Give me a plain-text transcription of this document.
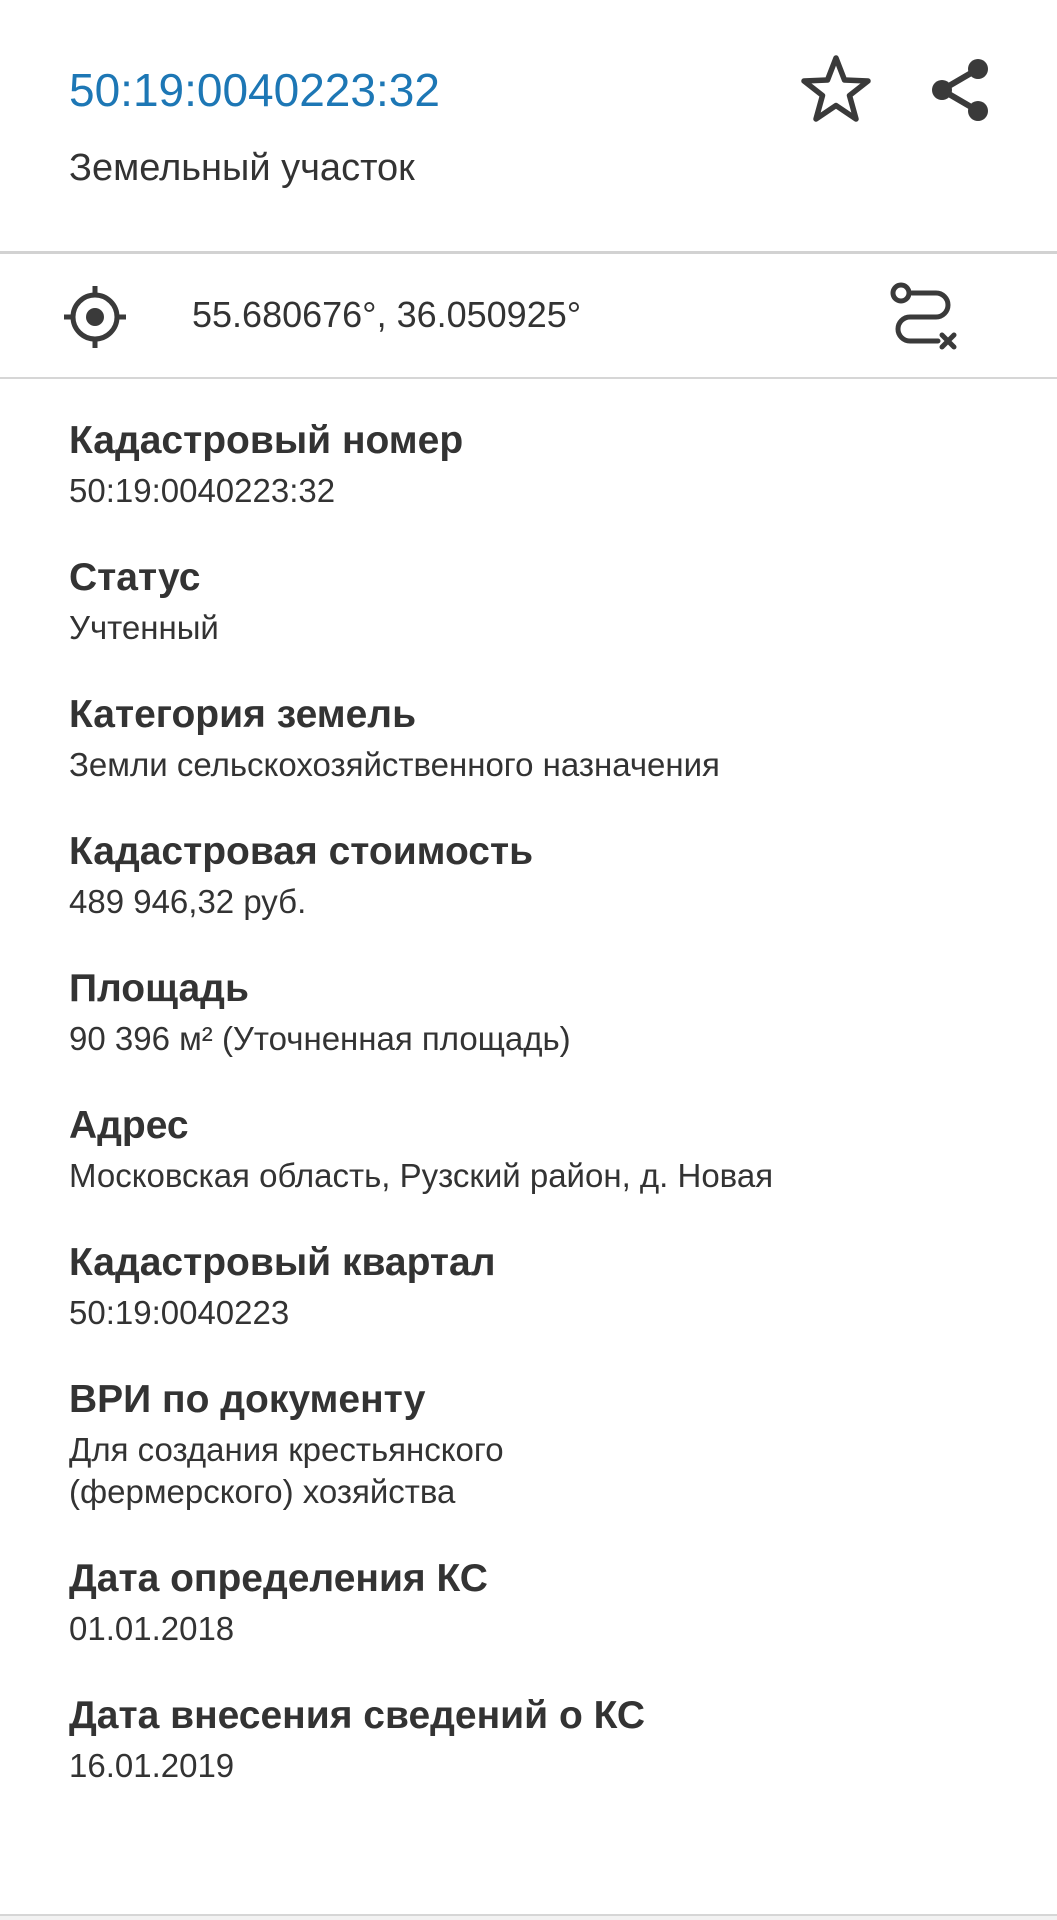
50:19:0040223:32
Земельный участок
55.680676°, 36.050925°
Кадастровый номер
50:19:0040223:32
Статус
Учтенный
Категория земель
Земли сельскохозяйственного назначения
Кадастровая стоимость
489 946,32 руб.
Площадь
90 396 м² (Уточненная площадь)
Адрес
Московская область, Рузский район, д. Новая
Кадастровый квартал
50:19:0040223
ВРИ по документу
Для создания крестьянского (фермерского) хозяйства
Дата определения КС
01.01.2018
Дата внесения сведений о КС
16.01.2019
